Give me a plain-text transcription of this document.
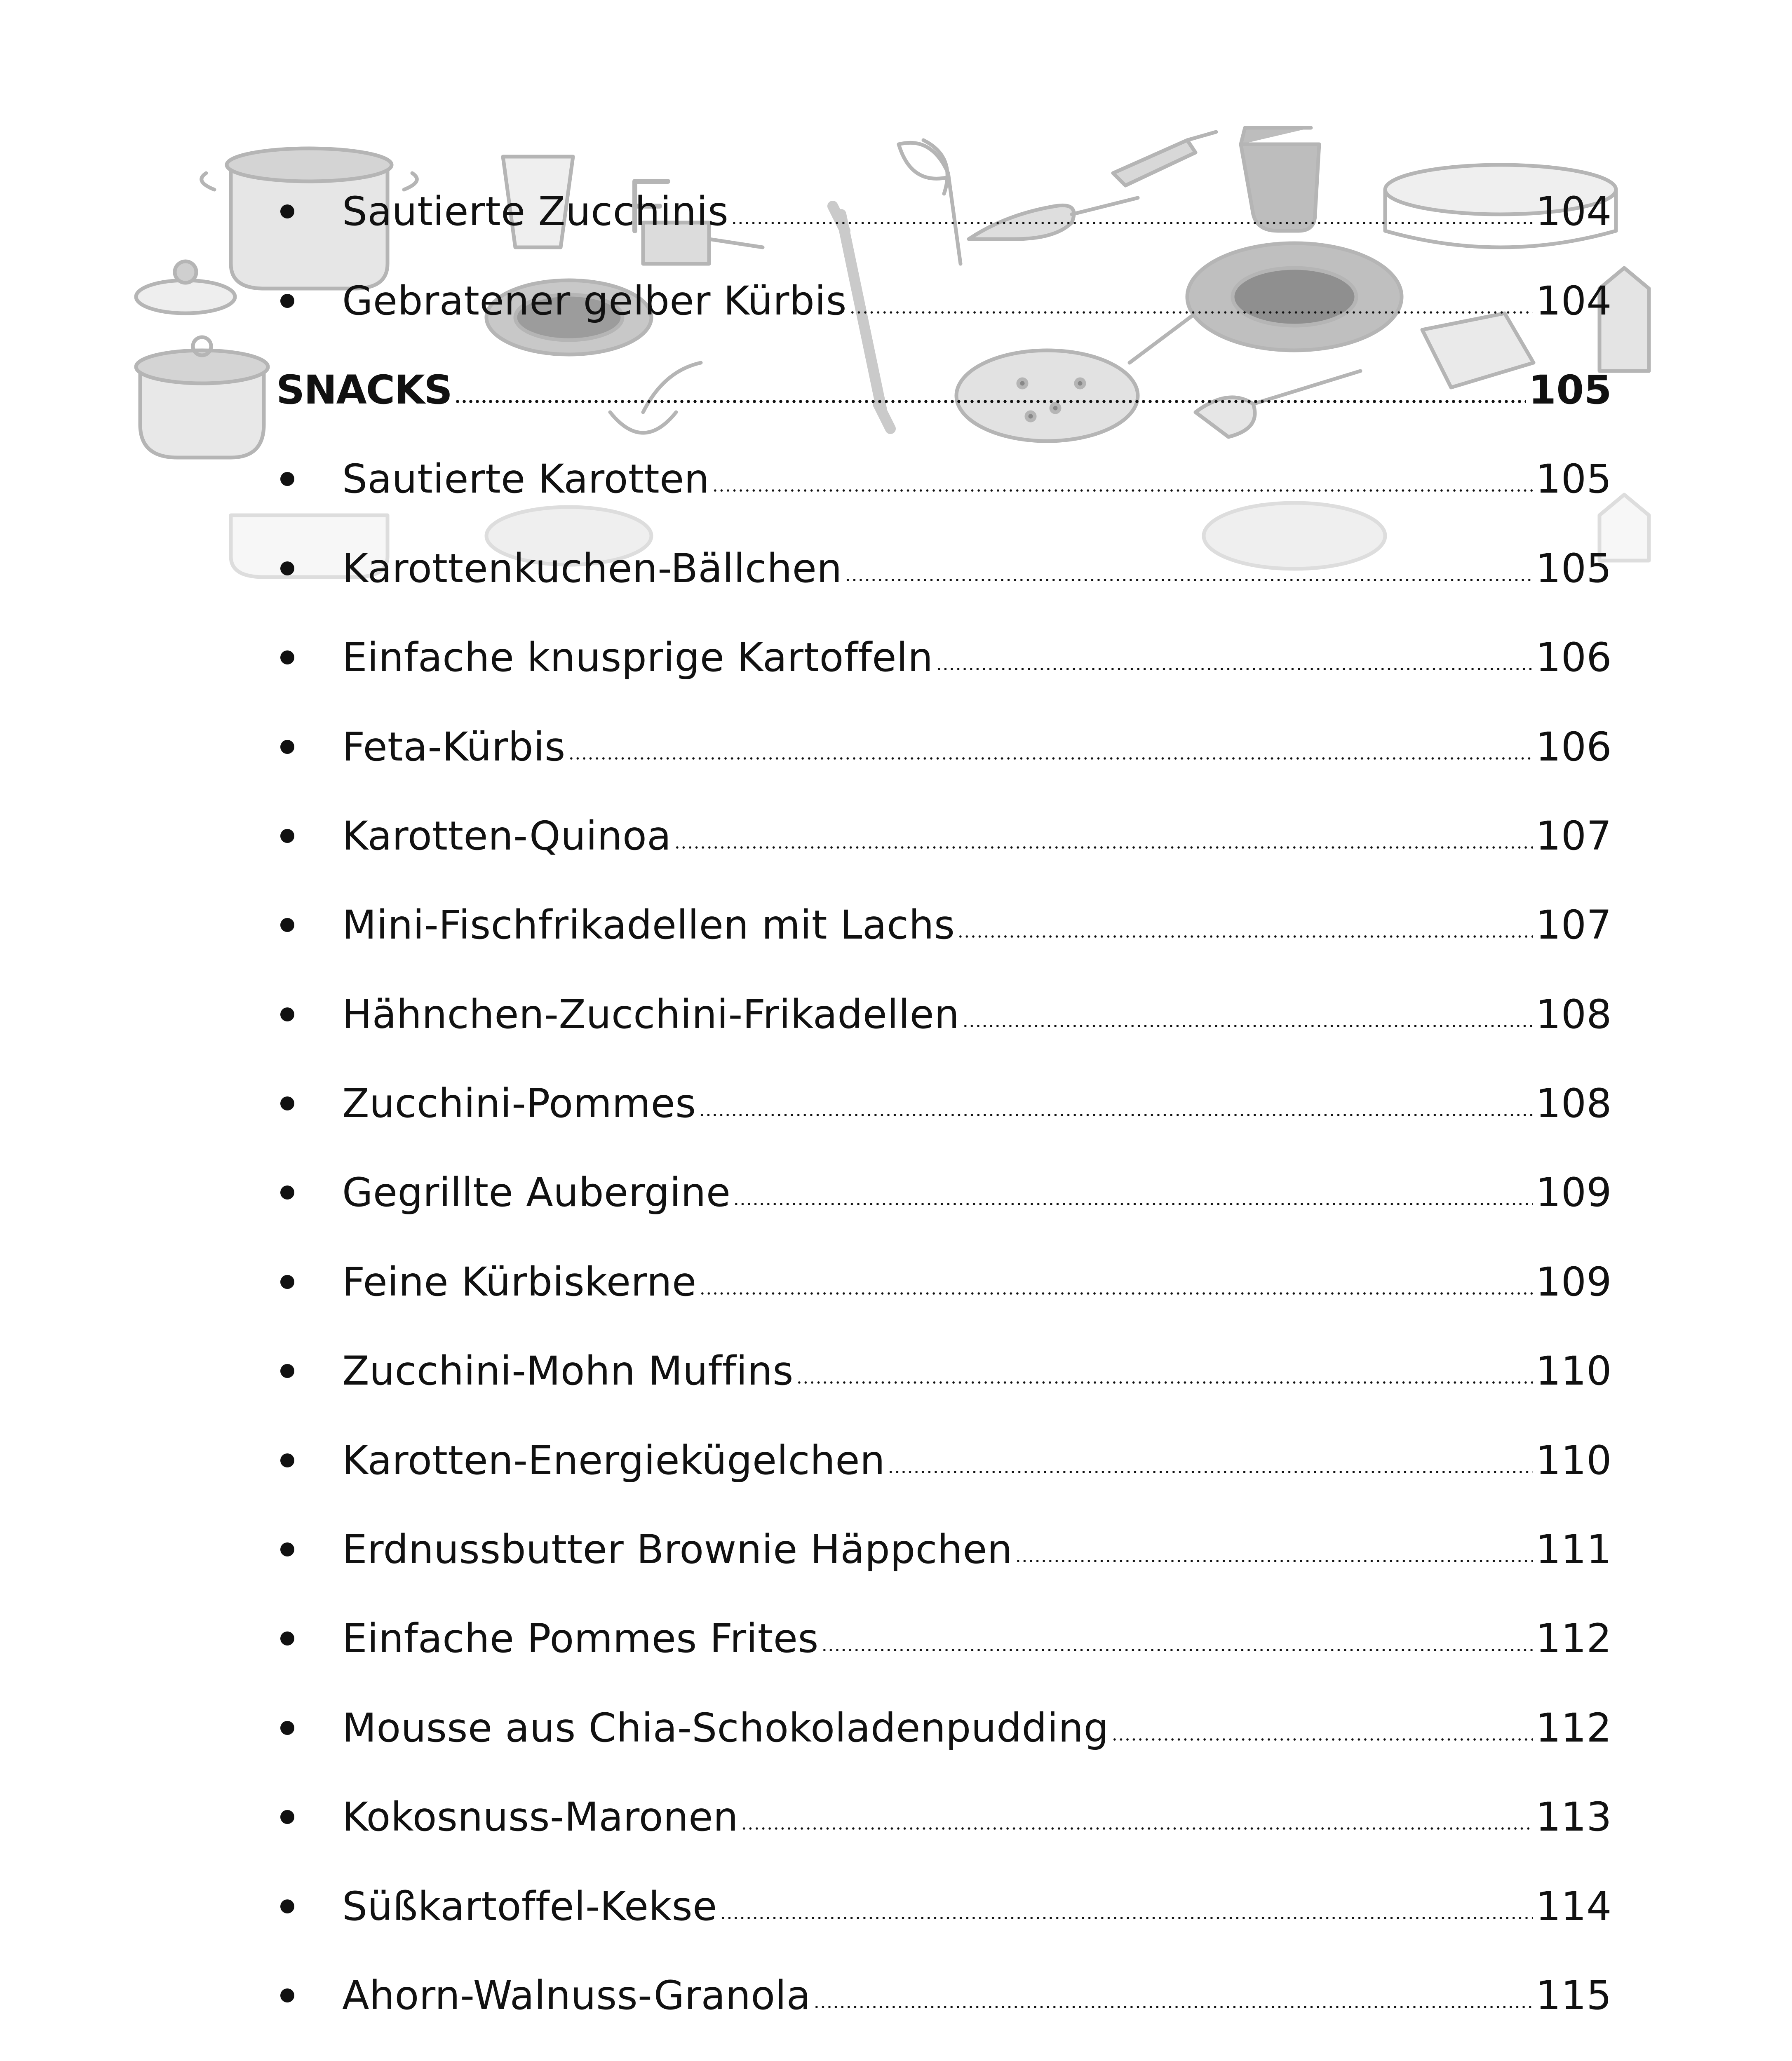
Sautierte Zucchinis	104
Gebratener gelber Kürbis	104
SNACKS	105
Sautierte Karotten	105
Karottenkuchen-Bällchen	105
Einfache knusprige Kartoffeln	106
Feta-Kürbis	106
Karotten-Quinoa	107
Mini-Fischfrikadellen mit Lachs	107
Hähnchen-Zucchini-Frikadellen	108
Zucchini-Pommes	108
Gegrillte Aubergine	109
Feine Kürbiskerne	109
Zucchini-Mohn Muffins	110
Karotten-Energiekügelchen	110
Erdnussbutter Brownie Häppchen	111
Einfache Pommes Frites	112
Mousse aus Chia-Schokoladenpudding	112
Kokosnuss-Maronen	113
Süßkartoffel-Kekse	114
Ahorn-Walnuss-Granola	115
